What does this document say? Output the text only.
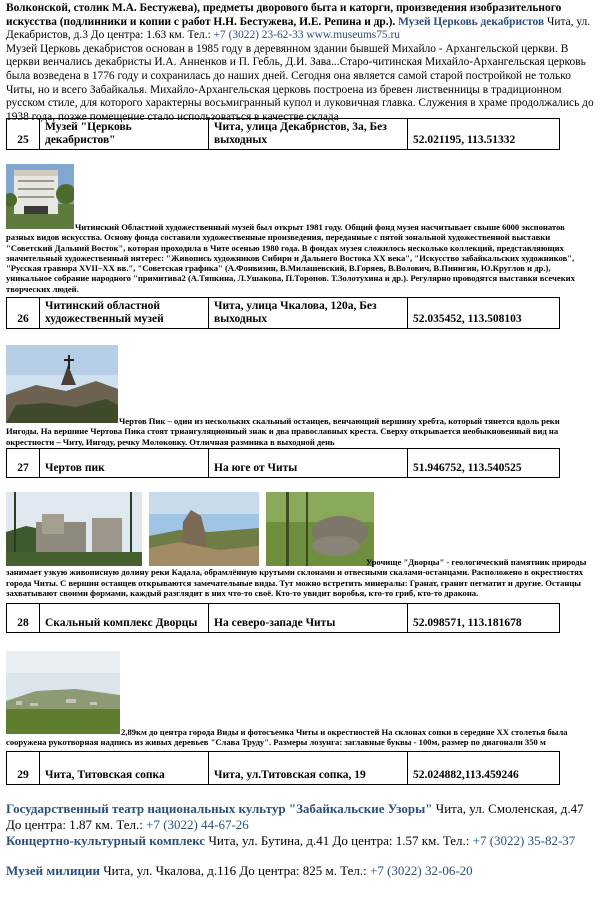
Волконской, столик М.А. Бестужева), предметы дворового быта и каторги, произведения изобразительного искусства (подлинники и копии с работ Н.Н. Бестужева, И.Е. Репина и др.). Музей Церковь декабристов Чита, ул. Декабристов, д.3 До центра: 1.63 км. Тел.: +7 (3022) 23-62-33 www.museums75.ru

Музей Церковь декабристов основан в 1985 году в деревянном здании бывшей Михайло - Архангельской церкви. В церкви венчались декабристы И.А. Анненков и П. Гебль, Д.И. Зава...Старо-читинская Михайло-Архангельская церковь была возведена в 1776 году и сохранилась до наших дней. Сегодня она является самой старой постройкой не только Читы, но и всего Забайкалья. Михайло-Архангельская церковь построена из бревен лиственницы в традиционном русском стиле, для которого характерны восьмигранный купол и луковичная главка. Служения в храме продолжались до 1938 года, позже помещение стало использоваться в качестве склада

25	Музей "Церковь декабристов"	Чита, улица Декабристов, 3а, Без выходных	52.021195, 113.51332

Читинский Областной художественный музей был открыт 1981 году. Общий фонд музея насчитывает свыше 6000 экспонатов разных видов искусства. Основу фонда составили художественные произведения, переданные с пятой зональной художественной выставки "Советский Дальний Восток", которая проходила в Чите осенью 1980 года. В фондах музея сложилось несколько коллекций, представляющих значительный художественный интерес: "Живопись художников Сибири и Дальнего Востока XX века", "Искусство забайкальских художников", "Русская гравюра XVII–XX вв.", "Советская графика" (А.Фонвизин, В.Милашевский, В.Горяев, В.Волович, В.Пинигин, Ю.Круглов и др.), уникальное собрание народного "примитива2 (А.Тяпкина, Л.Ушакова, П.Торопов. Т.Золотухина и др.). Регулярно проводятся выставки всечеких творческих людей.

26	Читинский областной художественный музей	Чита, улица Чкалова, 120а, Без выходных	52.035452, 113.508103

Чертов Пик – один из нескольких скальный останцев, венчающий вершину хребта, который тянется вдоль реки Ингоды. На вершине Чертова Пика стоят триангуляционный знак и два православных креста. Сверху открывается необыкновенный вид на окрестности – Читу, Ингоду, речку Молоковку. Отличная разминка в выходной день

27	Чертов пик	На юге от Читы	51.946752, 113.540525

Урочище "Дворцы" - геологический памятник природы занимает узкую живописную долину реки Кадала, обрамлённую крутыми склонами и отвесными скалами-останцами. Расположено в окрестностях города Читы. С вершин останцев открываются замечательные виды. Тут можно встретить минералы: Гранат, гранит пегматит и другие. Останцы захватывают своими формами, каждый разглядит в них что-то своё. Кто-то увидит воробья, кто-то гриб, кто-то дракона.

28	Скальный комплекс Дворцы	На северо-западе Читы	52.098571, 113.181678

2,89км до центра города Виды и фотосъемка Читы и окрестностей На склонах сопки в середине XX столетья была сооружена рукотворная надпись из живых деревьев "Слава Труду". Размеры лозунга: заглавные буквы - 100м, размер по диагонали 350 м

29	Чита, Титовская сопка	Чита, ул.Титовская сопка, 19	52.024882,113.459246
Государственный театр национальных культур "Забайкальские Узоры" Чита, ул. Смоленская, д.47 До центра: 1.87 км. Тел.: +7 (3022) 44-67-26
Концертно-культурный комплекс Чита, ул. Бутина, д.41 До центра: 1.57 км. Тел.: +7 (3022) 35-82-37
Музей милиции Чита, ул. Чкалова, д.116 До центра: 825 м. Тел.: +7 (3022) 32-06-20
